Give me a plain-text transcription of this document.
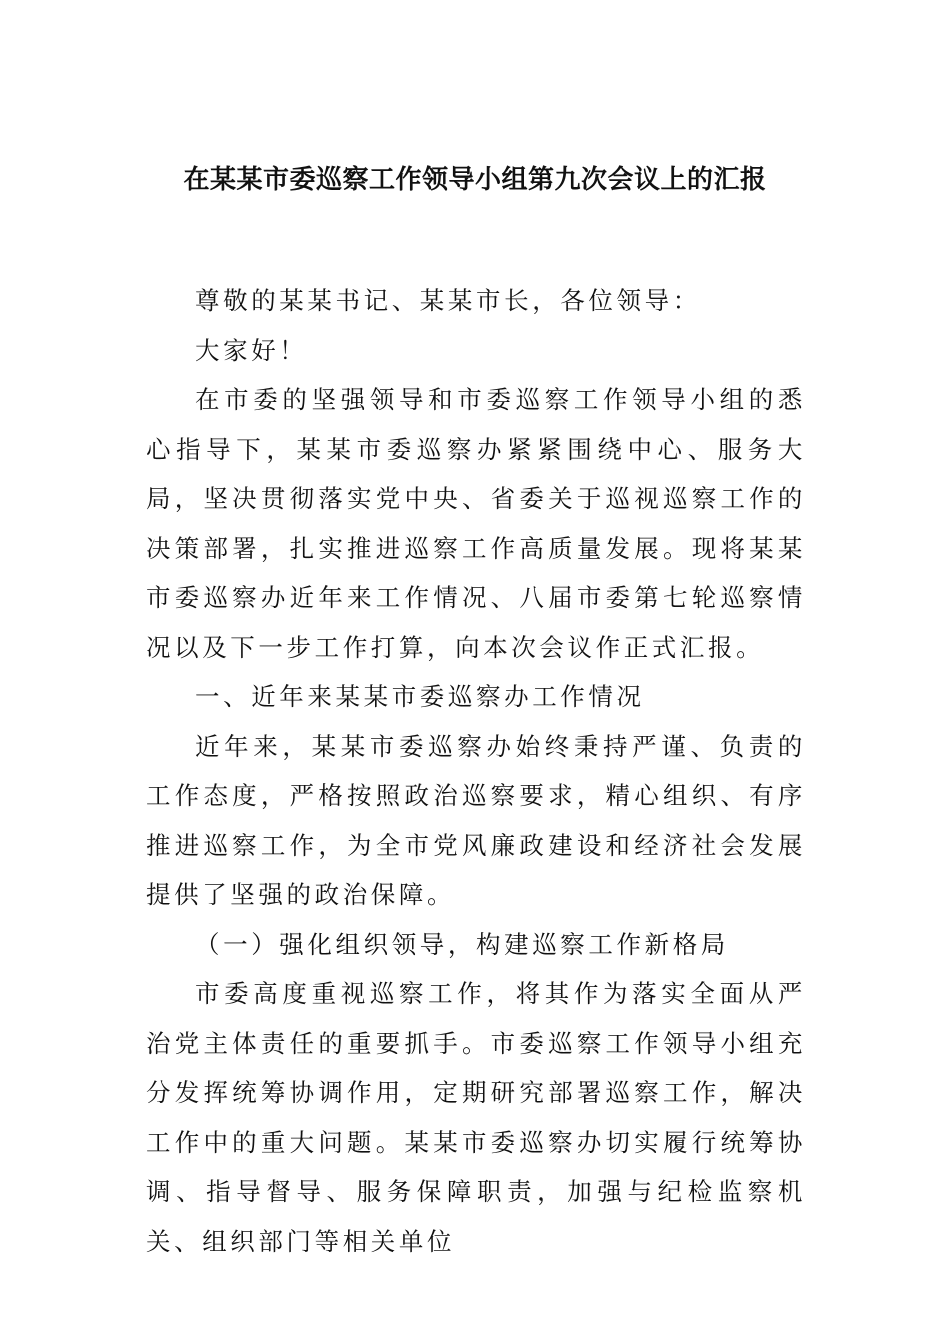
在某某市委巡察工作领导小组第九次会议上的汇报

尊敬的某某书记、某某市长，各位领导：

大家好！

在市委的坚强领导和市委巡察工作领导小组的悉心指导下，某某市委巡察办紧紧围绕中心、服务大局，坚决贯彻落实党中央、省委关于巡视巡察工作的决策部署，扎实推进巡察工作高质量发展。现将某某市委巡察办近年来工作情况、八届市委第七轮巡察情况以及下一步工作打算，向本次会议作正式汇报。

一、近年来某某市委巡察办工作情况

近年来，某某市委巡察办始终秉持严谨、负责的工作态度，严格按照政治巡察要求，精心组织、有序推进巡察工作，为全市党风廉政建设和经济社会发展提供了坚强的政治保障。

（一）强化组织领导，构建巡察工作新格局

市委高度重视巡察工作，将其作为落实全面从严治党主体责任的重要抓手。市委巡察工作领导小组充分发挥统筹协调作用，定期研究部署巡察工作，解决工作中的重大问题。某某市委巡察办切实履行统筹协调、指导督导、服务保障职责，加强与纪检监察机关、组织部门等相关单位
